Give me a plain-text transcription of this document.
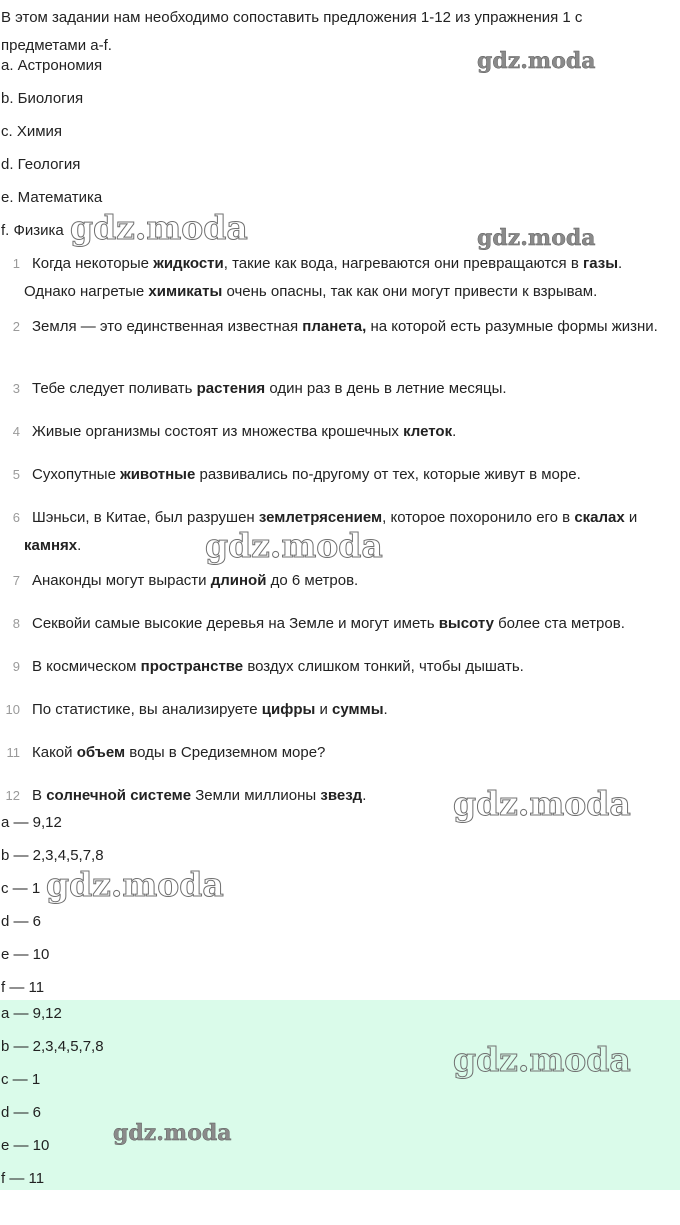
В этом задании нам необходимо сопоставить предложения 1-12 из упражнения 1 с предметами a-f.

a. Астрономия

b. Биология

c. Химия

d. Геология

e. Математика

f. Физика

1 Когда некоторые жидкости, такие как вода, нагреваются они превращаются в газы. Однако нагретые химикаты очень опасны, так как они могут привести к взрывам.

2 Земля — это единственная известная планета, на которой есть разумные формы жизни.

3 Тебе следует поливать растения один раз в день в летние месяцы.

4 Живые организмы состоят из множества крошечных клеток.

5 Сухопутные животные развивались по-другому от тех, которые живут в море.

6 Шэньси, в Китае, был разрушен землетрясением, которое похоронило его в скалах и камнях.

7 Анаконды могут вырасти длиной до 6 метров.

8 Секвойи самые высокие деревья на Земле и могут иметь высоту более ста метров.

9 В космическом пространстве воздух слишком тонкий, чтобы дышать.

10 По статистике, вы анализируете цифры и суммы.

11 Какой объем воды в Средиземном море?

12 В солнечной системе Земли миллионы звезд.

a — 9,12

b — 2,3,4,5,7,8

c — 1

d — 6

e — 10

f — 11

a — 9,12

b — 2,3,4,5,7,8

c — 1

d — 6

e — 10

f — 11

gdz.moda
gdz.moda	gdz.moda
gdz.moda
gdz.moda
gdz.moda
gdz.moda
